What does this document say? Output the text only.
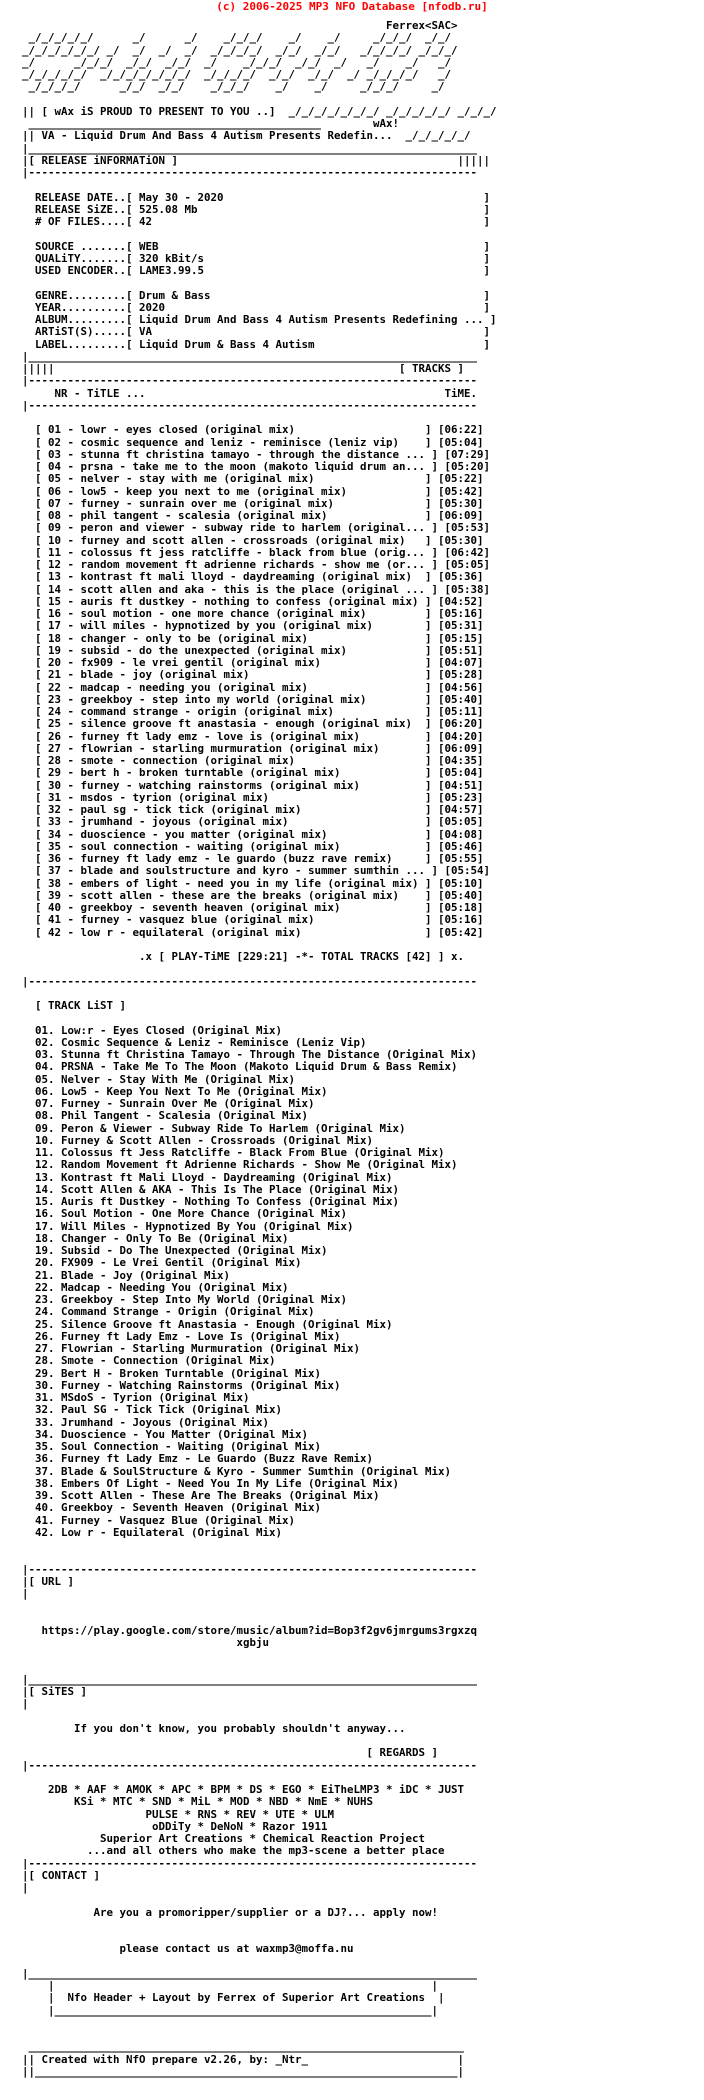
(c) 2006-2025 MP3 NFO Database [nfodb.ru]
Ferrex<SAC>
_/_/_/_/_/      _/      _/    _/_/_/    _/    _/     _/_/_/  _/_/
_/_/_/_/_/_/ _/  _/  _/  _/  _/_/_/_/  _/_/  _/_/   _/_/_/_/ _/_/_/
_/      _/_/_/  _/_/  _/_/  _/    _/_/_/  _/_/  _/   _/    _/   _/
_/_/_/_/_/  _/_/_/_/_/_/_/  _/_/_/_/  _/_/  _/_/  _/ _/_/_/_/   _/
_/_/_/_/      _/_/  _/_/    _/_/_/    _/    _/     _/_/_/     _/

|| [ wAx iS PROUD TO PRESENT TO YOU ..]  _/_/_/_/_/_/_/ _/_/_/_/_/ _/_/_/
_____________________________________________        wAx!
|| VA - Liquid Drum And Bass 4 Autism Presents Redefin...  _/_/_/_/_/
|_____________________________________________________________________
|[ RELEASE iNFORMATiON ]                                           |||||
|---------------------------------------------------------------------

RELEASE DATE..[ May 30 - 2020                                        ]
RELEASE SiZE..[ 525.08 Mb                                            ]
# OF FILES....[ 42                                                   ]

SOURCE .......[ WEB                                                  ]
QUALiTY.......[ 320 kBit/s                                           ]
USED ENCODER..[ LAME3.99.5                                           ]

GENRE.........[ Drum & Bass                                          ]
YEAR..........[ 2020                                                 ]
ALBUM.........[ Liquid Drum And Bass 4 Autism Presents Redefining ... ]
ARTiST(S).....[ VA                                                   ]
LABEL.........[ Liquid Drum & Bass 4 Autism                          ]
|_____________________________________________________________________
|||||                                                     [ TRACKS ]
|---------------------------------------------------------------------
NR - TiTLE ...                                              TiME.
|---------------------------------------------------------------------

[ 01 - lowr - eyes closed (original mix)                    ] [06:22]
[ 02 - cosmic sequence and leniz - reminisce (leniz vip)    ] [05:04]
[ 03 - stunna ft christina tamayo - through the distance ... ] [07:29]
[ 04 - prsna - take me to the moon (makoto liquid drum an... ] [05:20]
[ 05 - nelver - stay with me (original mix)                 ] [05:22]
[ 06 - low5 - keep you next to me (original mix)            ] [05:42]
[ 07 - furney - sunrain over me (original mix)              ] [05:30]
[ 08 - phil tangent - scalesia (original mix)               ] [06:09]
[ 09 - peron and viewer - subway ride to harlem (original... ] [05:53]
[ 10 - furney and scott allen - crossroads (original mix)   ] [05:30]
[ 11 - colossus ft jess ratcliffe - black from blue (orig... ] [06:42]
[ 12 - random movement ft adrienne richards - show me (or... ] [05:05]
[ 13 - kontrast ft mali lloyd - daydreaming (original mix)  ] [05:36]
[ 14 - scott allen and aka - this is the place (original ... ] [05:38]
[ 15 - auris ft dustkey - nothing to confess (original mix) ] [04:52]
[ 16 - soul motion - one more chance (original mix)         ] [05:16]
[ 17 - will miles - hypnotized by you (original mix)        ] [05:31]
[ 18 - changer - only to be (original mix)                  ] [05:15]
[ 19 - subsid - do the unexpected (original mix)            ] [05:51]
[ 20 - fx909 - le vrei gentil (original mix)                ] [04:07]
[ 21 - blade - joy (original mix)                           ] [05:28]
[ 22 - madcap - needing you (original mix)                  ] [04:56]
[ 23 - greekboy - step into my world (original mix)         ] [05:40]
[ 24 - command strange - origin (original mix)              ] [05:11]
[ 25 - silence groove ft anastasia - enough (original mix)  ] [06:20]
[ 26 - furney ft lady emz - love is (original mix)          ] [04:20]
[ 27 - flowrian - starling murmuration (original mix)       ] [06:09]
[ 28 - smote - connection (original mix)                    ] [04:35]
[ 29 - bert h - broken turntable (original mix)             ] [05:04]
[ 30 - furney - watching rainstorms (original mix)          ] [04:51]
[ 31 - msdos - tyrion (original mix)                        ] [05:23]
[ 32 - paul sg - tick tick (original mix)                   ] [04:57]
[ 33 - jrumhand - joyous (original mix)                     ] [05:05]
[ 34 - duoscience - you matter (original mix)               ] [04:08]
[ 35 - soul connection - waiting (original mix)             ] [05:46]
[ 36 - furney ft lady emz - le guardo (buzz rave remix)     ] [05:55]
[ 37 - blade and soulstructure and kyro - summer sumthin ... ] [05:54]
[ 38 - embers of light - need you in my life (original mix) ] [05:10]
[ 39 - scott allen - these are the breaks (original mix)    ] [05:40]
[ 40 - greekboy - seventh heaven (original mix)             ] [05:18]
[ 41 - furney - vasquez blue (original mix)                 ] [05:16]
[ 42 - low r - equilateral (original mix)                   ] [05:42]

.x [ PLAY-TiME [229:21] -*- TOTAL TRACKS [42] ] x.

|---------------------------------------------------------------------

[ TRACK LiST ]

01. Low:r - Eyes Closed (Original Mix)
02. Cosmic Sequence & Leniz - Reminisce (Leniz Vip)
03. Stunna ft Christina Tamayo - Through The Distance (Original Mix)
04. PRSNA - Take Me To The Moon (Makoto Liquid Drum & Bass Remix)
05. Nelver - Stay With Me (Original Mix)
06. Low5 - Keep You Next To Me (Original Mix)
07. Furney - Sunrain Over Me (Original Mix)
08. Phil Tangent - Scalesia (Original Mix)
09. Peron & Viewer - Subway Ride To Harlem (Original Mix)
10. Furney & Scott Allen - Crossroads (Original Mix)
11. Colossus ft Jess Ratcliffe - Black From Blue (Original Mix)
12. Random Movement ft Adrienne Richards - Show Me (Original Mix)
13. Kontrast ft Mali Lloyd - Daydreaming (Original Mix)
14. Scott Allen & AKA - This Is The Place (Original Mix)
15. Auris ft Dustkey - Nothing To Confess (Original Mix)
16. Soul Motion - One More Chance (Original Mix)
17. Will Miles - Hypnotized By You (Original Mix)
18. Changer - Only To Be (Original Mix)
19. Subsid - Do The Unexpected (Original Mix)
20. FX909 - Le Vrei Gentil (Original Mix)
21. Blade - Joy (Original Mix)
22. Madcap - Needing You (Original Mix)
23. Greekboy - Step Into My World (Original Mix)
24. Command Strange - Origin (Original Mix)
25. Silence Groove ft Anastasia - Enough (Original Mix)
26. Furney ft Lady Emz - Love Is (Original Mix)
27. Flowrian - Starling Murmuration (Original Mix)
28. Smote - Connection (Original Mix)
29. Bert H - Broken Turntable (Original Mix)
30. Furney - Watching Rainstorms (Original Mix)
31. MSdoS - Tyrion (Original Mix)
32. Paul SG - Tick Tick (Original Mix)
33. Jrumhand - Joyous (Original Mix)
34. Duoscience - You Matter (Original Mix)
35. Soul Connection - Waiting (Original Mix)
36. Furney ft Lady Emz - Le Guardo (Buzz Rave Remix)
37. Blade & SoulStructure & Kyro - Summer Sumthin (Original Mix)
38. Embers Of Light - Need You In My Life (Original Mix)
39. Scott Allen - These Are The Breaks (Original Mix)
40. Greekboy - Seventh Heaven (Original Mix)
41. Furney - Vasquez Blue (Original Mix)
42. Low r - Equilateral (Original Mix)

|---------------------------------------------------------------------
|[ URL ]
|

https://play.google.com/store/music/album?id=Bop3f2gv6jmrgums3rgxzq
xgbju

|_____________________________________________________________________
|[ SiTES ]
|

If you don't know, you probably shouldn't anyway...

[ REGARDS ]
|---------------------------------------------------------------------

2DB * AAF * AMOK * APC * BPM * DS * EGO * EiTheLMP3 * iDC * JUST
KSi * MTC * SND * MiL * MOD * NBD * NmE * NUHS
PULSE * RNS * REV * UTE * ULM
oDDiTy * DeNoN * Razor 1911
Superior Art Creations * Chemical Reaction Project
...and all others who make the mp3-scene a better place
|---------------------------------------------------------------------
|[ CONTACT ]
|

Are you a promoripper/supplier or a DJ?... apply now!

please contact us at waxmp3@moffa.nu

|_____________________________________________________________________
|                                                          |
|  Nfo Header + Layout by Ferrex of Superior Art Creations  |
|__________________________________________________________|

___________________________________________________________________
|| Created with NfO prepare v2.26, by: _Ntr_                       |
||_________________________________________________________________|
